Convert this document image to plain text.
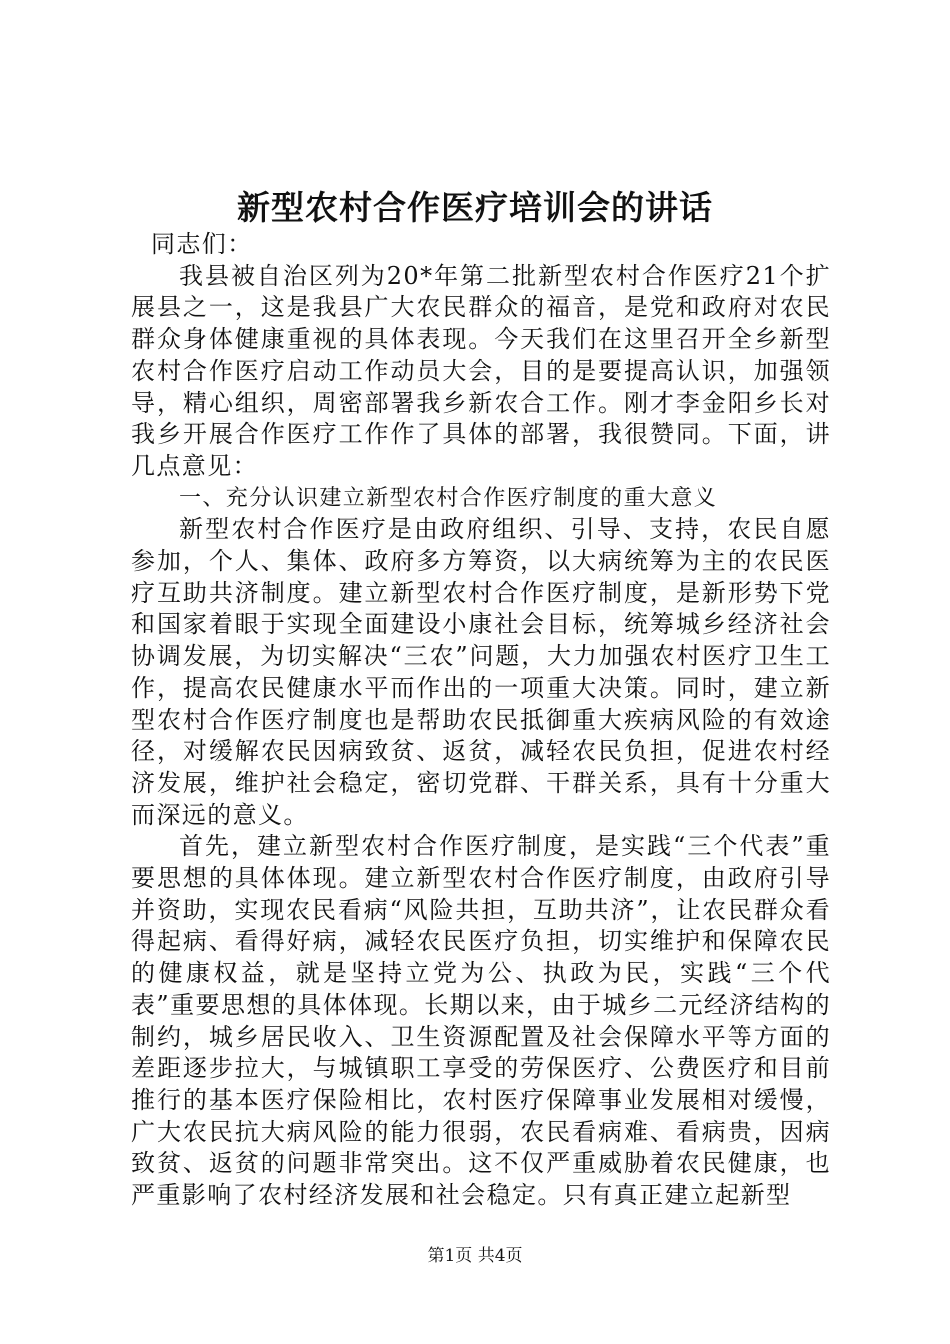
新型农村合作医疗培训会的讲话

同志们：

我县被自治区列为20*年第二批新型农村合作医疗21个扩展县之一，这是我县广大农民群众的福音，是党和政府对农民群众身体健康重视的具体表现。今天我们在这里召开全乡新型农村合作医疗启动工作动员大会，目的是要提高认识，加强领导，精心组织，周密部署我乡新农合工作。刚才李金阳乡长对我乡开展合作医疗工作作了具体的部署，我很赞同。下面，讲几点意见：

一、充分认识建立新型农村合作医疗制度的重大意义

新型农村合作医疗是由政府组织、引导、支持，农民自愿参加，个人、集体、政府多方筹资，以大病统筹为主的农民医疗互助共济制度。建立新型农村合作医疗制度，是新形势下党和国家着眼于实现全面建设小康社会目标，统筹城乡经济社会协调发展，为切实解决“三农”问题，大力加强农村医疗卫生工作，提高农民健康水平而作出的一项重大决策。同时，建立新型农村合作医疗制度也是帮助农民抵御重大疾病风险的有效途径，对缓解农民因病致贫、返贫，减轻农民负担，促进农村经济发展，维护社会稳定，密切党群、干群关系，具有十分重大而深远的意义。

首先，建立新型农村合作医疗制度，是实践“三个代表”重要思想的具体体现。建立新型农村合作医疗制度，由政府引导并资助，实现农民看病“风险共担，互助共济”，让农民群众看得起病、看得好病，减轻农民医疗负担，切实维护和保障农民的健康权益，就是坚持立党为公、执政为民，实践“三个代表”重要思想的具体体现。长期以来，由于城乡二元经济结构的制约，城乡居民收入、卫生资源配置及社会保障水平等方面的差距逐步拉大，与城镇职工享受的劳保医疗、公费医疗和目前推行的基本医疗保险相比，农村医疗保障事业发展相对缓慢，广大农民抗大病风险的能力很弱，农民看病难、看病贵，因病致贫、返贫的问题非常突出。这不仅严重威胁着农民健康，也严重影响了农村经济发展和社会稳定。只有真正建立起新型

第1页 共4页
